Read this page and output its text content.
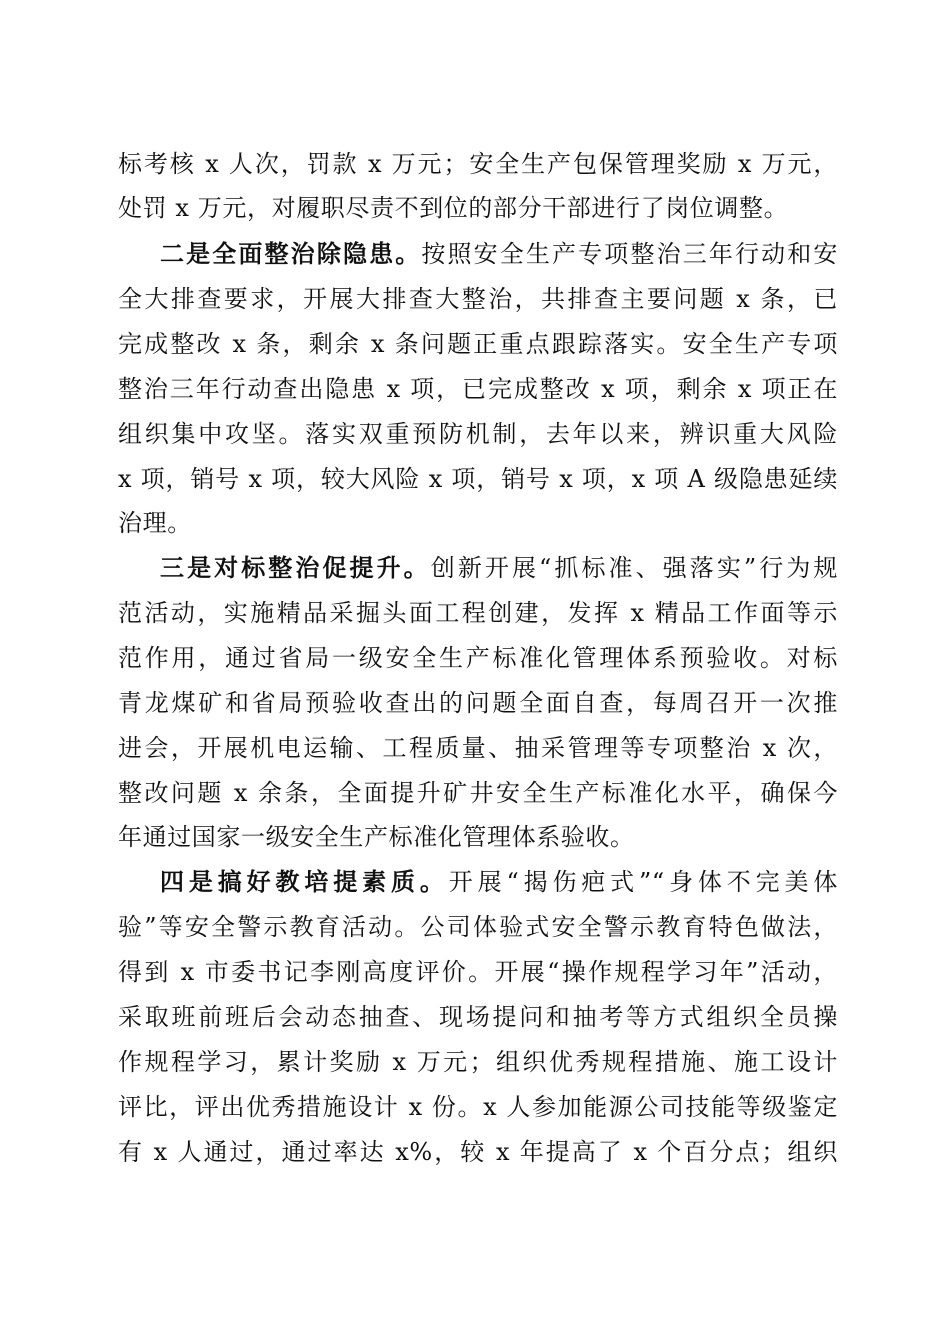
标考核 x 人次，罚款 x 万元；安全生产包保管理奖励 x 万元，
处罚 x 万元，对履职尽责不到位的部分干部进行了岗位调整。
二是全面整治除隐患。按照安全生产专项整治三年行动和安
全大排查要求，开展大排查大整治，共排查主要问题 x 条，已
完成整改 x 条，剩余 x 条问题正重点跟踪落实。安全生产专项
整治三年行动查出隐患 x 项，已完成整改 x 项，剩余 x 项正在
组织集中攻坚。落实双重预防机制，去年以来，辨识重大风险
x 项，销号 x 项，较大风险 x 项，销号 x 项，x 项 A 级隐患延续
治理。
三是对标整治促提升。创新开展“抓标准、强落实”行为规
范活动，实施精品采掘头面工程创建，发挥 x 精品工作面等示
范作用，通过省局一级安全生产标准化管理体系预验收。对标
青龙煤矿和省局预验收查出的问题全面自查，每周召开一次推
进会，开展机电运输、工程质量、抽采管理等专项整治 x 次，
整改问题 x 余条，全面提升矿井安全生产标准化水平，确保今
年通过国家一级安全生产标准化管理体系验收。
四是搞好教培提素质。开展“揭伤疤式”“身体不完美体
验”等安全警示教育活动。公司体验式安全警示教育特色做法，
得到 x 市委书记李刚高度评价。开展“操作规程学习年”活动，
采取班前班后会动态抽查、现场提问和抽考等方式组织全员操
作规程学习，累计奖励 x 万元；组织优秀规程措施、施工设计
评比，评出优秀措施设计 x 份。x 人参加能源公司技能等级鉴定
有 x 人通过，通过率达 x%，较 x 年提高了 x 个百分点；组织
